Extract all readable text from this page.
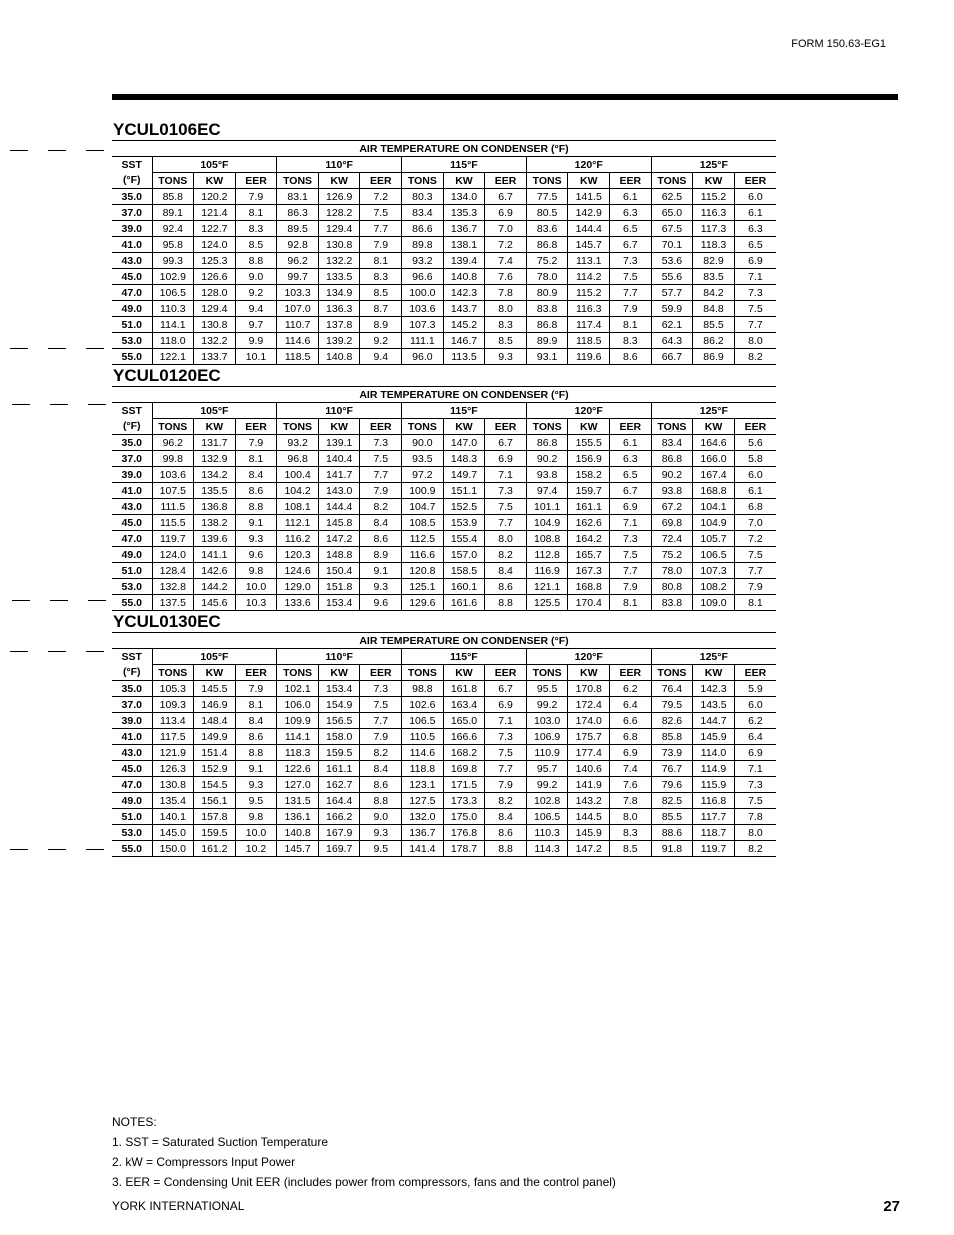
FORM 150.63-EG1
YCUL0106EC
	AIR TEMPERATURE ON CONDENSER (°F)														
SST	105°F			110°F			115°F			120°F			125°F		
(°F)	TONS	KW	EER	TONS	KW	EER	TONS	KW	EER	TONS	KW	EER	TONS	KW	EER
35.0	85.8	120.2	7.9	83.1	126.9	7.2	80.3	134.0	6.7	77.5	141.5	6.1	62.5	115.2	6.0
37.0	89.1	121.4	8.1	86.3	128.2	7.5	83.4	135.3	6.9	80.5	142.9	6.3	65.0	116.3	6.1
39.0	92.4	122.7	8.3	89.5	129.4	7.7	86.6	136.7	7.0	83.6	144.4	6.5	67.5	117.3	6.3
41.0	95.8	124.0	8.5	92.8	130.8	7.9	89.8	138.1	7.2	86.8	145.7	6.7	70.1	118.3	6.5
43.0	99.3	125.3	8.8	96.2	132.2	8.1	93.2	139.4	7.4	75.2	113.1	7.3	53.6	82.9	6.9
45.0	102.9	126.6	9.0	99.7	133.5	8.3	96.6	140.8	7.6	78.0	114.2	7.5	55.6	83.5	7.1
47.0	106.5	128.0	9.2	103.3	134.9	8.5	100.0	142.3	7.8	80.9	115.2	7.7	57.7	84.2	7.3
49.0	110.3	129.4	9.4	107.0	136.3	8.7	103.6	143.7	8.0	83.8	116.3	7.9	59.9	84.8	7.5
51.0	114.1	130.8	9.7	110.7	137.8	8.9	107.3	145.2	8.3	86.8	117.4	8.1	62.1	85.5	7.7
53.0	118.0	132.2	9.9	114.6	139.2	9.2	111.1	146.7	8.5	89.9	118.5	8.3	64.3	86.2	8.0
55.0	122.1	133.7	10.1	118.5	140.8	9.4	96.0	113.5	9.3	93.1	119.6	8.6	66.7	86.9	8.2
YCUL0120EC
	AIR TEMPERATURE ON CONDENSER (°F)														
SST	105°F			110°F			115°F			120°F			125°F		
(°F)	TONS	KW	EER	TONS	KW	EER	TONS	KW	EER	TONS	KW	EER	TONS	KW	EER
35.0	96.2	131.7	7.9	93.2	139.1	7.3	90.0	147.0	6.7	86.8	155.5	6.1	83.4	164.6	5.6
37.0	99.8	132.9	8.1	96.8	140.4	7.5	93.5	148.3	6.9	90.2	156.9	6.3	86.8	166.0	5.8
39.0	103.6	134.2	8.4	100.4	141.7	7.7	97.2	149.7	7.1	93.8	158.2	6.5	90.2	167.4	6.0
41.0	107.5	135.5	8.6	104.2	143.0	7.9	100.9	151.1	7.3	97.4	159.7	6.7	93.8	168.8	6.1
43.0	111.5	136.8	8.8	108.1	144.4	8.2	104.7	152.5	7.5	101.1	161.1	6.9	67.2	104.1	6.8
45.0	115.5	138.2	9.1	112.1	145.8	8.4	108.5	153.9	7.7	104.9	162.6	7.1	69.8	104.9	7.0
47.0	119.7	139.6	9.3	116.2	147.2	8.6	112.5	155.4	8.0	108.8	164.2	7.3	72.4	105.7	7.2
49.0	124.0	141.1	9.6	120.3	148.8	8.9	116.6	157.0	8.2	112.8	165.7	7.5	75.2	106.5	7.5
51.0	128.4	142.6	9.8	124.6	150.4	9.1	120.8	158.5	8.4	116.9	167.3	7.7	78.0	107.3	7.7
53.0	132.8	144.2	10.0	129.0	151.8	9.3	125.1	160.1	8.6	121.1	168.8	7.9	80.8	108.2	7.9
55.0	137.5	145.6	10.3	133.6	153.4	9.6	129.6	161.6	8.8	125.5	170.4	8.1	83.8	109.0	8.1
YCUL0130EC
	AIR TEMPERATURE ON CONDENSER (°F)														
SST	105°F			110°F			115°F			120°F			125°F		
(°F)	TONS	KW	EER	TONS	KW	EER	TONS	KW	EER	TONS	KW	EER	TONS	KW	EER
35.0	105.3	145.5	7.9	102.1	153.4	7.3	98.8	161.8	6.7	95.5	170.8	6.2	76.4	142.3	5.9
37.0	109.3	146.9	8.1	106.0	154.9	7.5	102.6	163.4	6.9	99.2	172.4	6.4	79.5	143.5	6.0
39.0	113.4	148.4	8.4	109.9	156.5	7.7	106.5	165.0	7.1	103.0	174.0	6.6	82.6	144.7	6.2
41.0	117.5	149.9	8.6	114.1	158.0	7.9	110.5	166.6	7.3	106.9	175.7	6.8	85.8	145.9	6.4
43.0	121.9	151.4	8.8	118.3	159.5	8.2	114.6	168.2	7.5	110.9	177.4	6.9	73.9	114.0	6.9
45.0	126.3	152.9	9.1	122.6	161.1	8.4	118.8	169.8	7.7	95.7	140.6	7.4	76.7	114.9	7.1
47.0	130.8	154.5	9.3	127.0	162.7	8.6	123.1	171.5	7.9	99.2	141.9	7.6	79.6	115.9	7.3
49.0	135.4	156.1	9.5	131.5	164.4	8.8	127.5	173.3	8.2	102.8	143.2	7.8	82.5	116.8	7.5
51.0	140.1	157.8	9.8	136.1	166.2	9.0	132.0	175.0	8.4	106.5	144.5	8.0	85.5	117.7	7.8
53.0	145.0	159.5	10.0	140.8	167.9	9.3	136.7	176.8	8.6	110.3	145.9	8.3	88.6	118.7	8.0
55.0	150.0	161.2	10.2	145.7	169.7	9.5	141.4	178.7	8.8	114.3	147.2	8.5	91.8	119.7	8.2
NOTES:
1. SST = Saturated Suction Temperature
2. kW = Compressors Input Power
3. EER = Condensing Unit EER (includes power from compressors, fans and the control panel)
YORK INTERNATIONAL	27
